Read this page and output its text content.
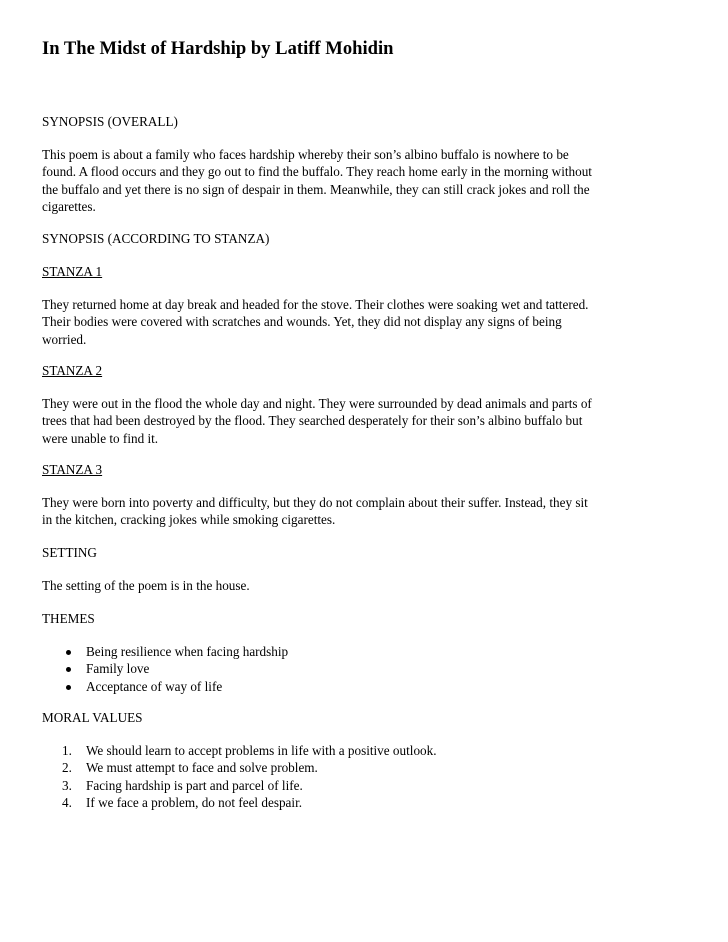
In The Midst of Hardship by Latiff Mohidin
SYNOPSIS (OVERALL)
This poem is about a family who faces hardship whereby their son’s albino buffalo is nowhere to be
found. A flood occurs and they go out to find the buffalo. They reach home early in the morning without
the buffalo and yet there is no sign of despair in them. Meanwhile, they can still crack jokes and roll the
cigarettes.
SYNOPSIS (ACCORDING TO STANZA)
STANZA 1
They returned home at day break and headed for the stove. Their clothes were soaking wet and tattered.
Their bodies were covered with scratches and wounds. Yet, they did not display any signs of being
worried.
STANZA 2
They were out in the flood the whole day and night. They were surrounded by dead animals and parts of
trees that had been destroyed by the flood. They searched desperately for their son’s albino buffalo but
were unable to find it.
STANZA 3
They were born into poverty and difficulty, but they do not complain about their suffer. Instead, they sit
in the kitchen, cracking jokes while smoking cigarettes.
SETTING
The setting of the poem is in the house.
THEMES
Being resilience when facing hardship
Family love
Acceptance of way of life
MORAL VALUES
1. We should learn to accept problems in life with a positive outlook.
2. We must attempt to face and solve problem.
3. Facing hardship is part and parcel of life.
4. If we face a problem, do not feel despair.
